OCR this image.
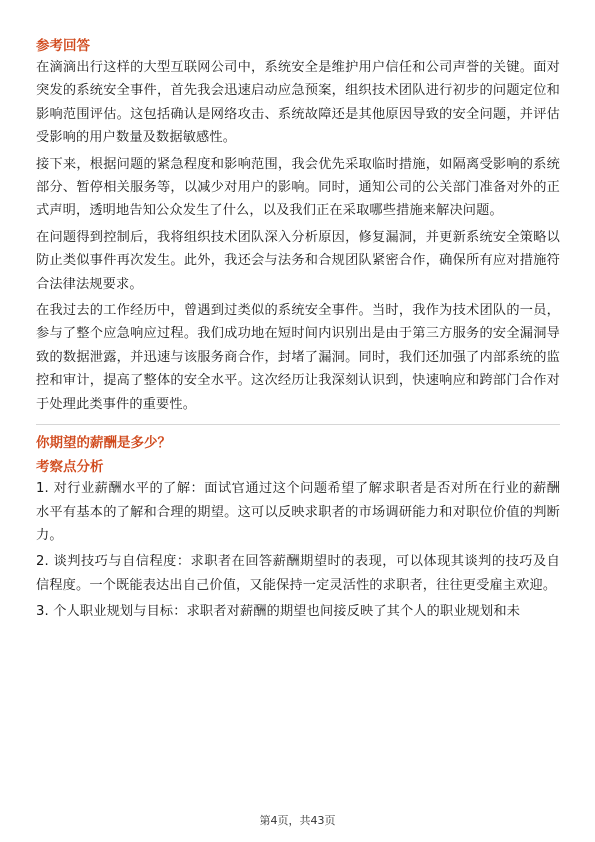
参考回答

在滴滴出行这样的大型互联网公司中，系统安全是维护用户信任和公司声誉的关键。面对突发的系统安全事件，首先我会迅速启动应急预案，组织技术团队进行初步的问题定位和影响范围评估。这包括确认是网络攻击、系统故障还是其他原因导致的安全问题，并评估受影响的用户数量及数据敏感性。

接下来，根据问题的紧急程度和影响范围，我会优先采取临时措施，如隔离受影响的系统部分、暂停相关服务等，以减少对用户的影响。同时，通知公司的公关部门准备对外的正式声明，透明地告知公众发生了什么，以及我们正在采取哪些措施来解决问题。

在问题得到控制后，我将组织技术团队深入分析原因，修复漏洞，并更新系统安全策略以防止类似事件再次发生。此外，我还会与法务和合规团队紧密合作，确保所有应对措施符合法律法规要求。

在我过去的工作经历中，曾遇到过类似的系统安全事件。当时，我作为技术团队的一员，参与了整个应急响应过程。我们成功地在短时间内识别出是由于第三方服务的安全漏洞导致的数据泄露，并迅速与该服务商合作，封堵了漏洞。同时，我们还加强了内部系统的监控和审计，提高了整体的安全水平。这次经历让我深刻认识到，快速响应和跨部门合作对于处理此类事件的重要性。

你期望的薪酬是多少？
考察点分析

1. 对行业薪酬水平的了解：面试官通过这个问题希望了解求职者是否对所在行业的薪酬水平有基本的了解和合理的期望。这可以反映求职者的市场调研能力和对职位价值的判断力。

2. 谈判技巧与自信程度：求职者在回答薪酬期望时的表现，可以体现其谈判的技巧及自信程度。一个既能表达出自己价值，又能保持一定灵活性的求职者，往往更受雇主欢迎。

3. 个人职业规划与目标：求职者对薪酬的期望也间接反映了其个人的职业规划和未

第4页，共43页
